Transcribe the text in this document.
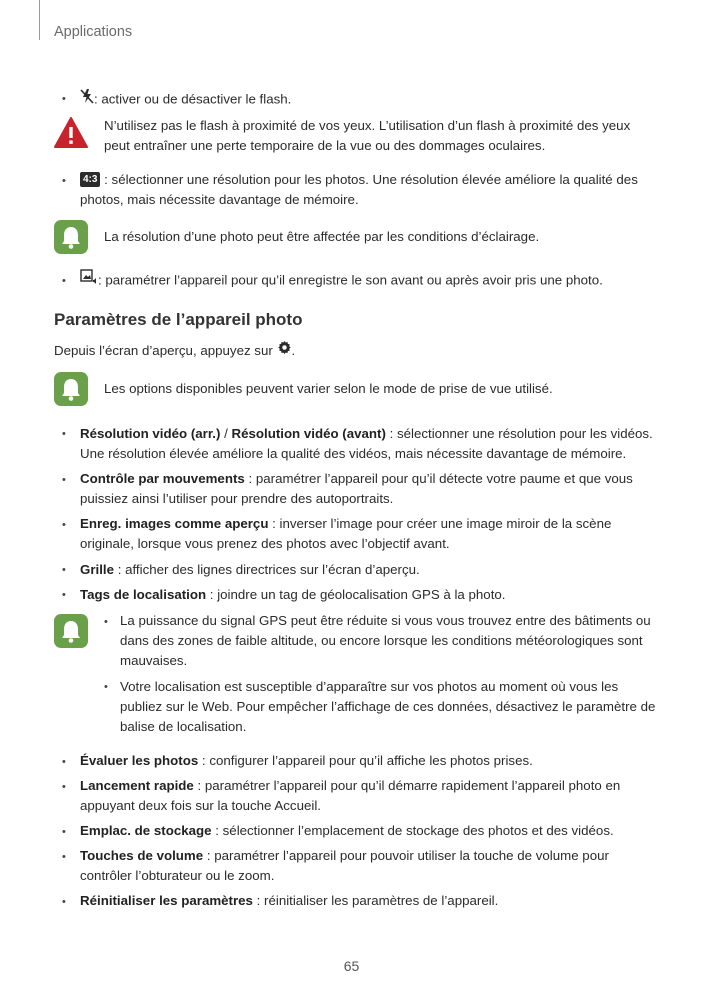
Applications
•	: activer ou de désactiver le flash.
N’utilisez pas le flash à proximité de vos yeux. L’utilisation d’un flash à proximité des yeux
peut entraîner une perte temporaire de la vue ou des dommages oculaires.
•	4:3 : sélectionner une résolution pour les photos. Une résolution élevée améliore la qualité des
photos, mais nécessite davantage de mémoire.
La résolution d’une photo peut être affectée par les conditions d’éclairage.
•	: paramétrer l’appareil pour qu’il enregistre le son avant ou après avoir pris une photo.
Paramètres de l’appareil photo
Depuis l’écran d’aperçu, appuyez sur .
Les options disponibles peuvent varier selon le mode de prise de vue utilisé.
• Résolution vidéo (arr.) / Résolution vidéo (avant) : sélectionner une résolution pour les vidéos.
Une résolution élevée améliore la qualité des vidéos, mais nécessite davantage de mémoire.
• Contrôle par mouvements : paramétrer l’appareil pour qu’il détecte votre paume et que vous
puissiez ainsi l’utiliser pour prendre des autoportraits.
• Enreg. images comme aperçu : inverser l’image pour créer une image miroir de la scène
originale, lorsque vous prenez des photos avec l’objectif avant.
• Grille : afficher des lignes directrices sur l’écran d’aperçu.
• Tags de localisation : joindre un tag de géolocalisation GPS à la photo.
• La puissance du signal GPS peut être réduite si vous vous trouvez entre des bâtiments ou
dans des zones de faible altitude, ou encore lorsque les conditions météorologiques sont
mauvaises.
• Votre localisation est susceptible d’apparaître sur vos photos au moment où vous les
publiez sur le Web. Pour empêcher l’affichage de ces données, désactivez le paramètre de
balise de localisation.
• Évaluer les photos : configurer l’appareil pour qu’il affiche les photos prises.
• Lancement rapide : paramétrer l’appareil pour qu’il démarre rapidement l’appareil photo en
appuyant deux fois sur la touche Accueil.
• Emplac. de stockage : sélectionner l’emplacement de stockage des photos et des vidéos.
• Touches de volume : paramétrer l’appareil pour pouvoir utiliser la touche de volume pour
contrôler l’obturateur ou le zoom.
• Réinitialiser les paramètres : réinitialiser les paramètres de l’appareil.
65
